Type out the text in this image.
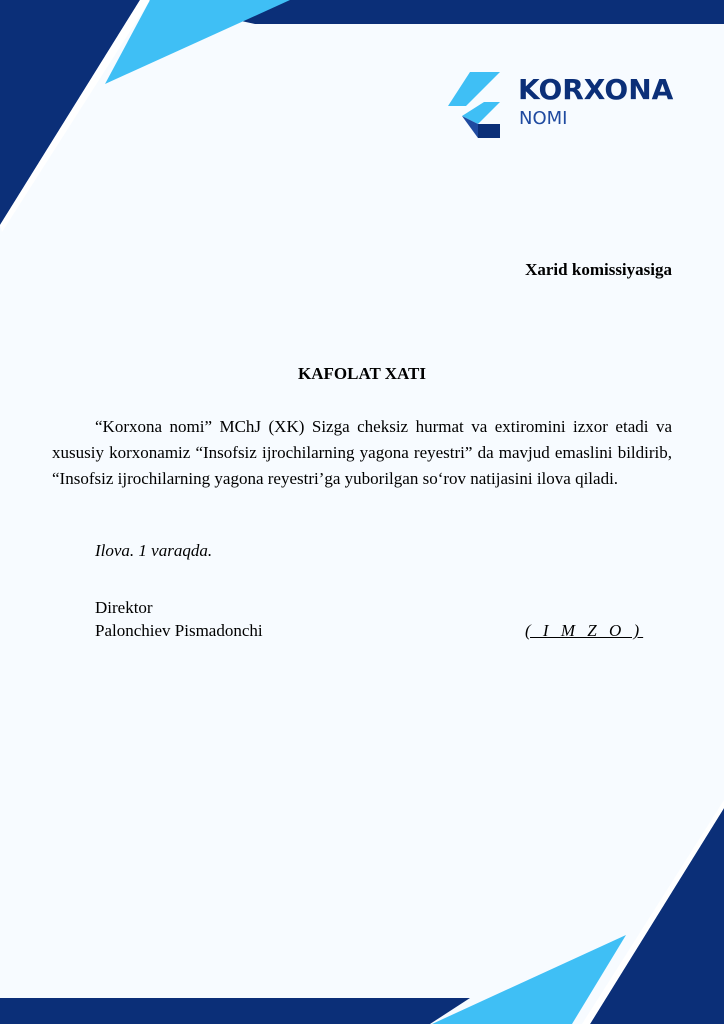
KORXONA
NOMI
Xarid komissiyasiga
KAFOLAT XATI

“Korxona nomi” MChJ (XK) Sizga cheksiz hurmat va extiromini izxor etadi va xususiy korxonamiz “Insofsiz ijrochilarning yagona reyestri” da mavjud emaslini bildirib, “Insofsiz ijrochilarning yagona reyestri’ga yuborilgan so‘rov natijasini ilova qiladi.

Ilova. 1 varaqda.
Direktor
Palonchiev Pismadonchi	( I M Z O )
